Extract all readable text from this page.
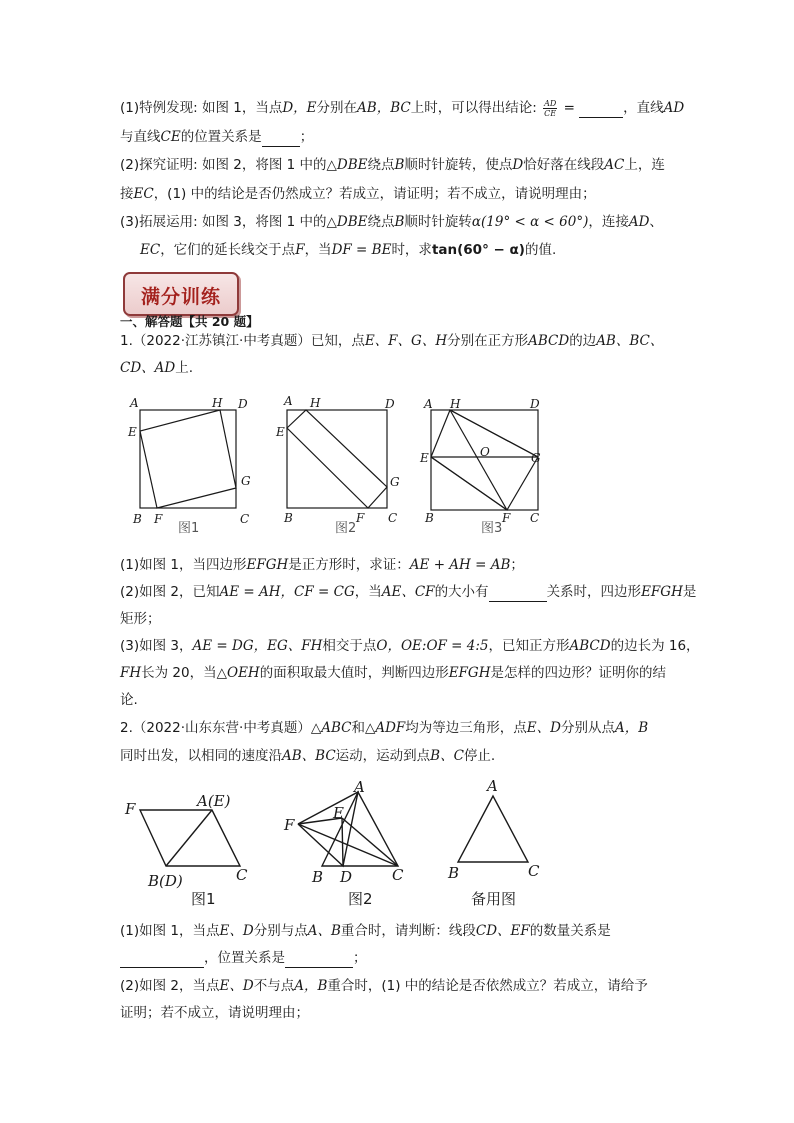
(1)特例发现: 如图 1，当点D，E分别在AB，BC上时，可以得出结论: $\frac{AD}{CE}$ =	，直线AD
与直线CE的位置关系是	；
(2)探究证明: 如图 2，将图 1 中的△DBE绕点B顺时针旋转，使点D恰好落在线段AC上，连
接EC，(1) 中的结论是否仍然成立？若成立，请证明；若不成立，请说明理由；
(3)拓展运用: 如图 3，将图 1 中的△DBE绕点B顺时针旋转α(19° < α < 60°)，连接AD、
EC，它们的延长线交于点F，当DF = BE时，求tan(60° − α)的值.
满分训练
一、解答题【共 20 题】
1.（2022·江苏镇江·中考真题）已知，点E、F、G、H分别在正方形ABCD的边AB、BC、
CD、AD上.
A	H D
E
G
B F	C
A H	D
E
G
B	F C
A H	D
E	O	G
B	F C
图1	图2	图3
(1)如图 1，当四边形EFGH是正方形时，求证：AE + AH = AB；
(2)如图 2，已知AE = AH，CF = CG，当AE、CF的大小有	关系时，四边形EFGH是
矩形；
(3)如图 3，AE = DG，EG、FH相交于点O，OE:OF = 4:5，已知正方形ABCD的边长为 16，
FH长为 20，当△OEH的面积取最大值时，判断四边形EFGH是怎样的四边形？证明你的结
论.
2.（2022·山东东营·中考真题）△ABC和△ADF均为等边三角形，点E、D分别从点A，B
同时出发，以相同的速度沿AB、BC运动，运动到点B、C停止.
F	A(E)
B(D)	C
A
E
F
B D	C
A
B	C
图1	图2	备用图
(1)如图 1，当点E、D分别与点A、B重合时，请判断：线段CD、EF的数量关系是
，位置关系是	；
(2)如图 2，当点E、D不与点A，B重合时，(1) 中的结论是否依然成立？若成立，请给予
证明；若不成立，请说明理由；
